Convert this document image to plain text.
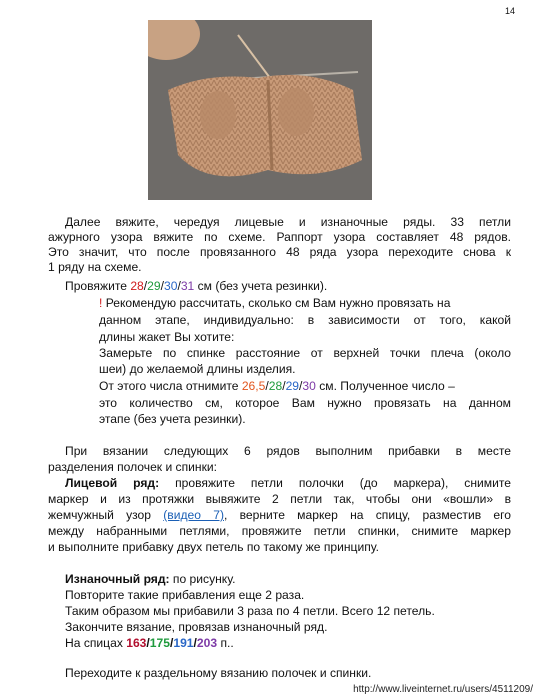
14
Далее вяжите, чередуя лицевые и изнаночные ряды. 33 петли
ажурного узора вяжите по схеме. Раппорт узора составляет 48 рядов.
Это значит, что после провязанного 48 ряда узора переходите снова к
1 ряду на схеме.
Провяжите 28/29/30/31 см (без учета резинки).
! Рекомендую рассчитать, сколько см Вам нужно провязать на
данном этапе, индивидуально: в зависимости от того, какой
длины жакет Вы хотите:
Замерьте по спинке расстояние от верхней точки плеча (около
шеи) до желаемой длины изделия.
От этого числа отнимите 26,5/28/29/30 см. Полученное число –
это количество см, которое Вам нужно провязать на данном
этапе (без учета резинки).
При вязании следующих 6 рядов выполним прибавки в месте
разделения полочек и спинки:
Лицевой ряд: провяжите петли полочки (до маркера), снимите
маркер и из протяжки вывяжите 2 петли так, чтобы они «вошли» в
жемчужный узор (видео 7), верните маркер на спицу, разместив его
между набранными петлями, провяжите петли спинки, снимите маркер
и выполните прибавку двух петель по такому же принципу.
Изнаночный ряд: по рисунку.
Повторите такие прибавления еще 2 раза.
Таким образом мы прибавили 3 раза по 4 петли. Всего 12 петель.
Закончите вязание, провязав изнаночный ряд.
На спицах 163/175/191/203 п..
Переходите к раздельному вязанию полочек и спинки.
http://www.liveinternet.ru/users/4511209/
